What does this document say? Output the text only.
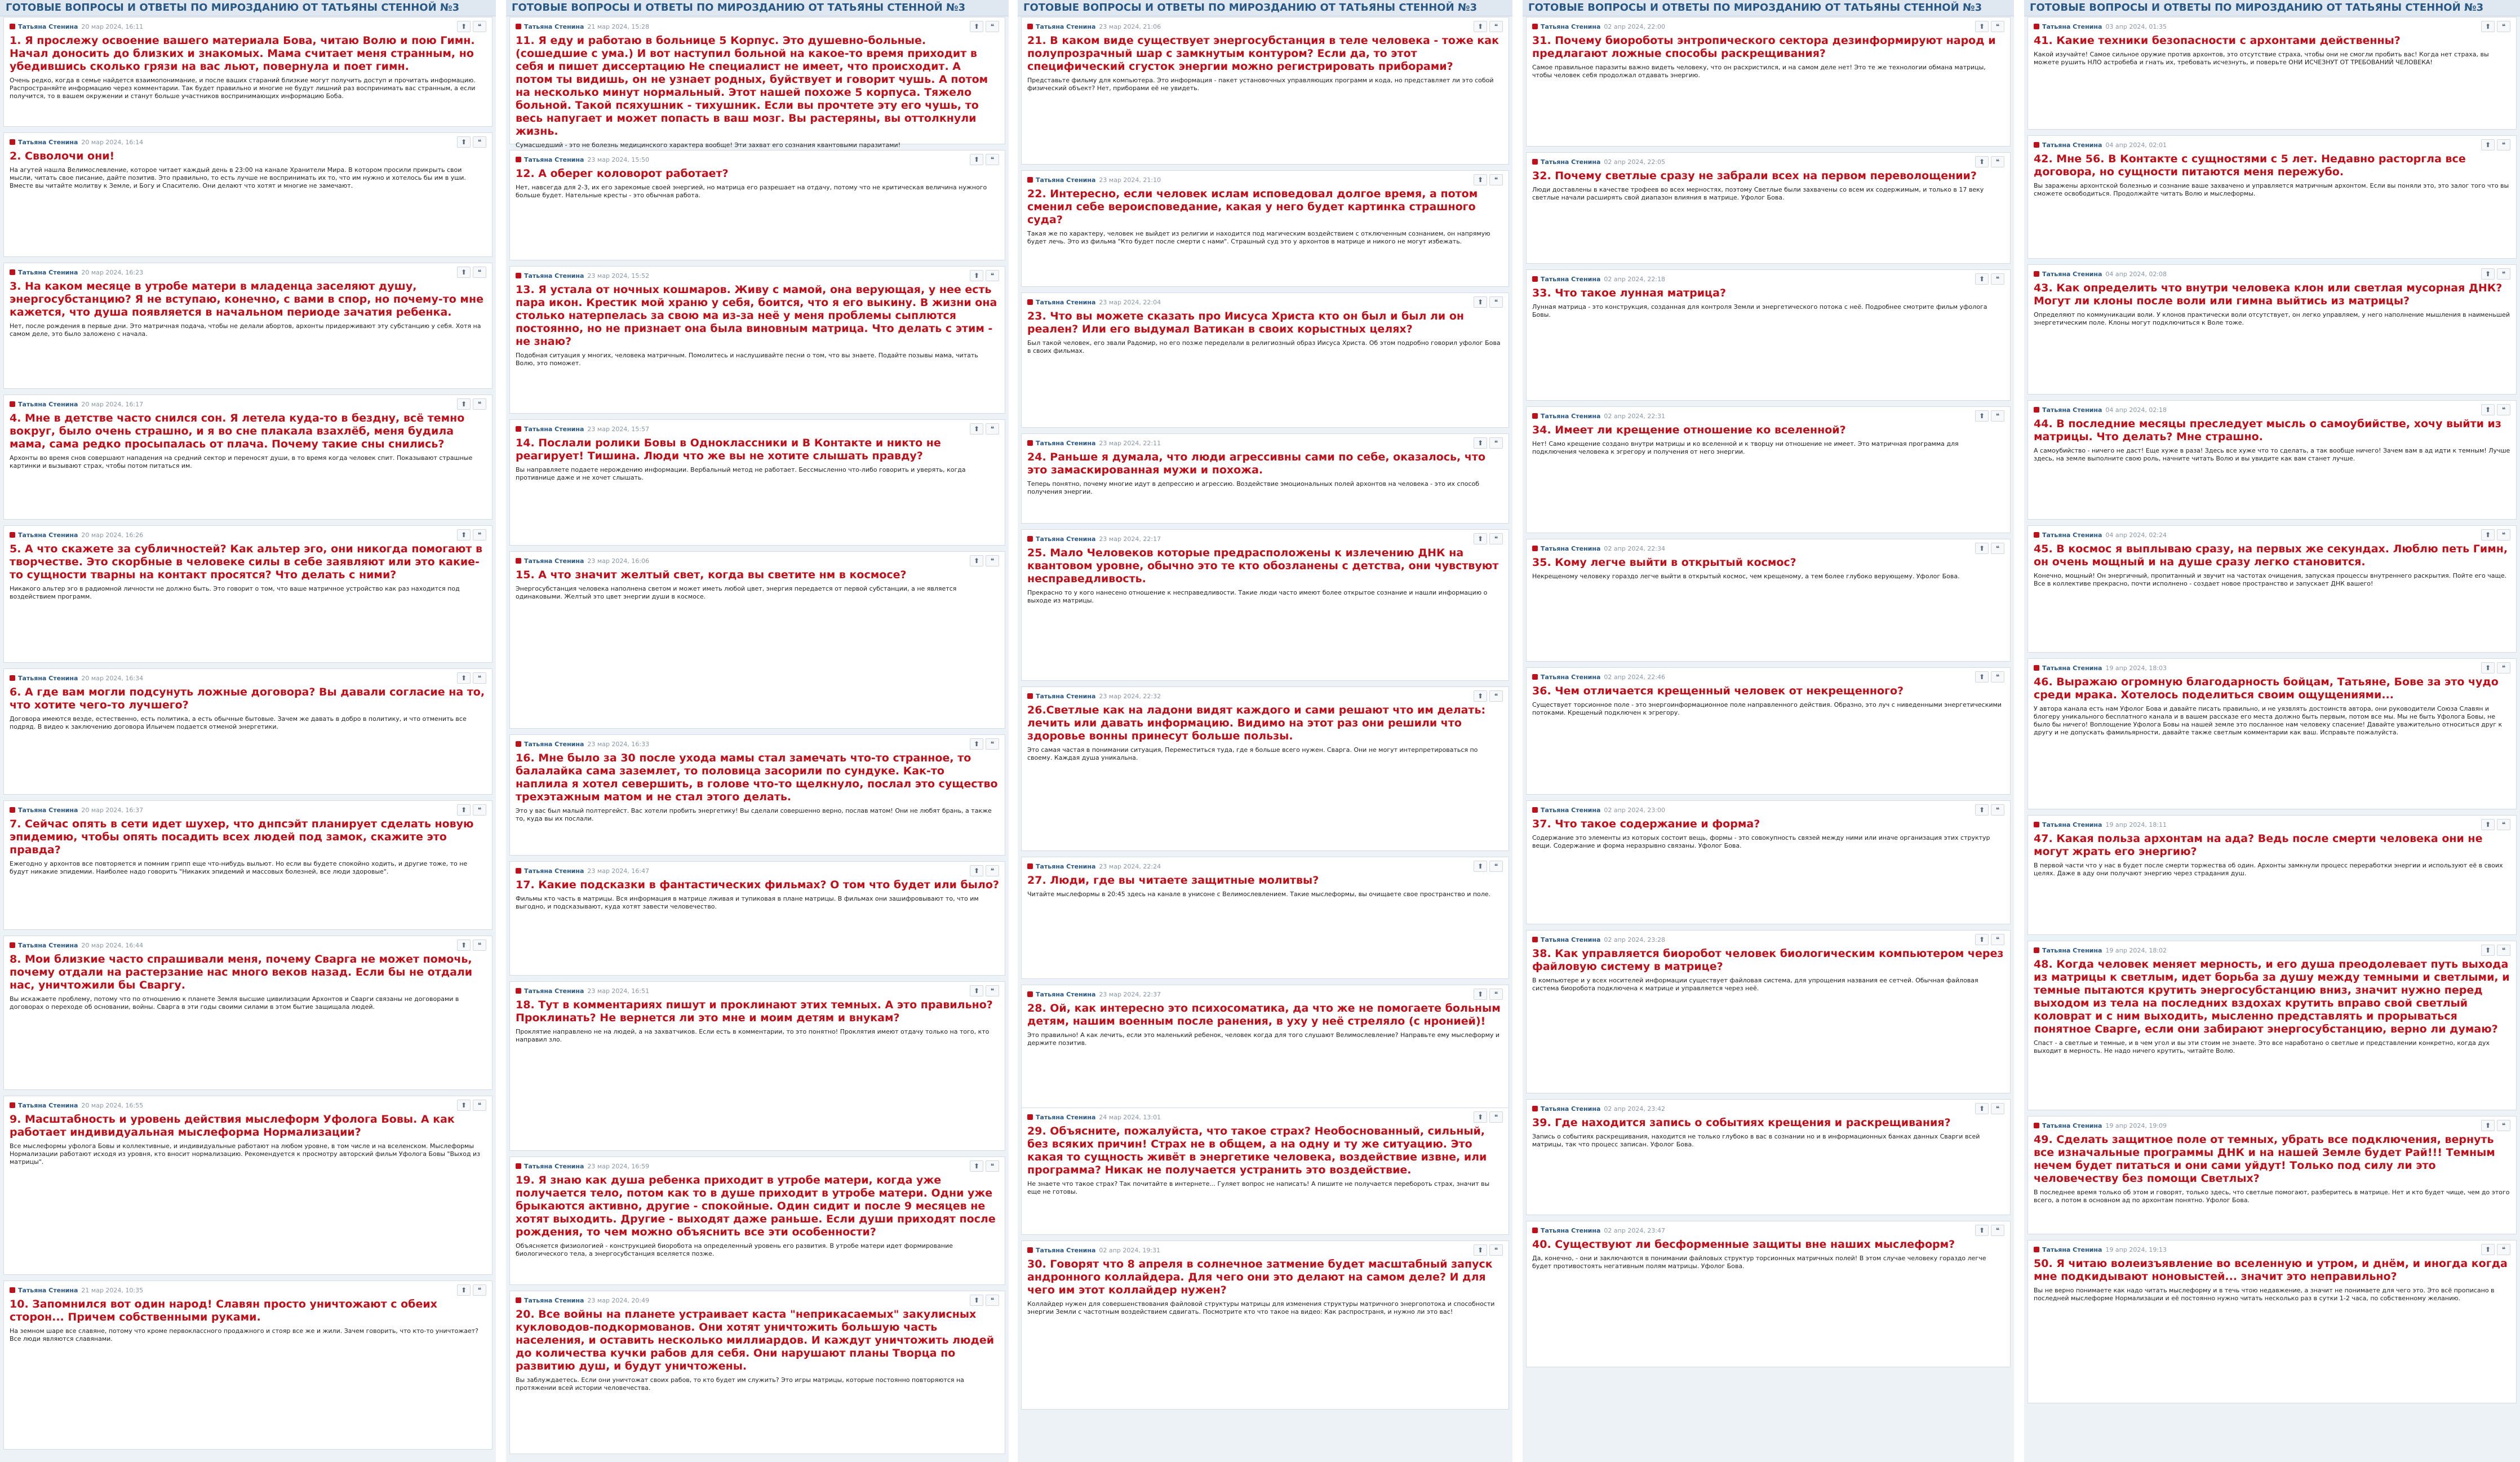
ГОТОВЫЕ ВОПРОСЫ И ОТВЕТЫ ПО МИРОЗДАНИЮ ОТ ТАТЬЯНЫ СТЕННОЙ №3
Татьяна Стенина 20 мар 2024, 16:11	⬆	❝
1. Я прослежу освоение вашего материала Бова, читаю Волю и пою Гимн. Начал доносить до близких и знакомых. Мама считает меня странным, но убедившись сколько грязи на вас льют, повернула и поет гимн.
Очень редко, когда в семье найдется взаимопонимание, и после ваших стараний близкие могут получить доступ и прочитать информацию. Распространяйте информацию через комментарии. Так будет правильно и многие не будут лишний раз воспринимать вас странным, а если получится, то в вашем окружении и станут больше участников воспринимающих информацию Боба.
Татьяна Стенина 20 мар 2024, 16:14	⬆	❝
2. Свволочи они!
На агутей нашла Велимослевление, которое читает каждый день в 23:00 на канале Хранители Мира. В котором просили прикрыть свои мысли, читать свое писание, дайте позитив. Это правильно, то есть лучше не воспринимать их то, что им нужно и хотелось бы им в уши. Вместе вы читайте молитву к Земле, и Богу и Спасителю. Они делают что хотят и многие не замечают.
Татьяна Стенина 20 мар 2024, 16:23	⬆	❝
3. На каком месяце в утробе матери в младенца заселяют душу, энергосубстанцию? Я не вступаю, конечно, с вами в спор, но почему-то мне кажется, что душа появляется в начальном периоде зачатия ребенка.
Нет, после рождения в первые дни. Это матричная подача, чтобы не делали абортов, архонты придерживают эту субстанцию у себя. Хотя на самом деле, это было заложено с начала.
Татьяна Стенина 20 мар 2024, 16:17	⬆	❝
4. Мне в детстве часто снился сон. Я летела куда-то в бездну, всё темно вокруг, было очень страшно, и я во сне плакала взахлёб, меня будила мама, сама редко просыпалась от плача. Почему такие сны снились?
Архонты во время снов совершают нападения на средний сектор и переносят души, в то время когда человек спит. Показывают страшные картинки и вызывают страх, чтобы потом питаться им.
Татьяна Стенина 20 мар 2024, 16:26	⬆	❝
5. А что скажете за субличностей? Как альтер эго, они никогда помогают в творчестве. Это скорбные в человеке силы в себе заявляют или это какие-то сущности тварны на контакт просятся? Что делать с ними?
Никакого альтер эго в радиомной личности не должно быть. Это говорит о том, что ваше матричное устройство как раз находится под воздействием программ.
Татьяна Стенина 20 мар 2024, 16:34	⬆	❝
6. А где вам могли подсунуть ложные договора? Вы давали согласие на то, что хотите чего-то лучшего?
Договора имеются везде, естественно, есть политика, а есть обычные бытовые. Зачем же давать в добро в политику, и что отменить все подряд. В видео к заключению договора Ильичем подается отменой энергетики.
Татьяна Стенина 20 мар 2024, 16:37	⬆	❝
7. Сейчас опять в сети идет шухер, что днпсэйт планирует сделать новую эпидемию, чтобы опять посадить всех людей под замок, скажите это правда?
Ежегодно у архонтов все повторяется и помним грипп еще что-нибудь выльют. Но если вы будете спокойно ходить, и другие тоже, то не будут никакие эпидемии. Наиболее надо говорить "Никаких эпидемий и массовых болезней, все люди здоровые".
Татьяна Стенина 20 мар 2024, 16:44	⬆	❝
8. Мои близкие часто спрашивали меня, почему Сварга не может помочь, почему отдали на растерзание нас много веков назад. Если бы не отдали нас, уничтожили бы Сваргу.
Вы искажаете проблему, потому что по отношению к планете Земля высшие цивилизации Архонтов и Сварги связаны не договорами в договорах о переходе об основании, войны. Сварга в эти годы своими силами в этом бытие защищала людей.
Татьяна Стенина 20 мар 2024, 16:55	⬆	❝
9. Масштабность и уровень действия мыслеформ Уфолога Бовы. А как работает индивидуальная мыслеформа Нормализации?
Все мыслеформы уфолога Бовы и коллективные, и индивидуальные работают на любом уровне, в том числе и на вселенском. Мыслеформы Нормализации работают исходя из уровня, кто вносит нормализацию. Рекомендуется к просмотру авторский фильм Уфолога Бовы "Выход из матрицы".
Татьяна Стенина 21 мар 2024, 10:35	⬆	❝
10. Запомнился вот один народ! Славян просто уничтожают с обеих сторон... Причем собственными руками.
На земном шаре все славяне, потому что кроме первоклассного продажного и стояр все же и жили. Зачем говорить, что кто-то уничтожает? Все люди являются славянами.
ГОТОВЫЕ ВОПРОСЫ И ОТВЕТЫ ПО МИРОЗДАНИЮ ОТ ТАТЬЯНЫ СТЕННОЙ №3
Татьяна Стенина 21 мар 2024, 15:28	⬆	❝
11. Я еду и работаю в больнице 5 Корпус. Это душевно-больные. (сошедшие с ума.) И вот наступил больной на какое-то время приходит в себя и пишет диссертацию Не специалист не имеет, что происходит. А потом ты видишь, он не узнает родных, буйствует и говорит чушь. А потом на несколько минут нормальный. Этот нашей похоже 5 корпуса. Тяжело больной. Такой псяхушник - тихушник. Если вы прочтете эту его чушь, то весь напугает и может попасть в ваш мозг. Вы растеряны, вы оттолкнули жизнь.
Сумасшедший - это не болезнь медицинского характера вообще! Эти захват его сознания квантовыми паразитами!
Татьяна Стенина 23 мар 2024, 15:50	⬆	❝
12. А оберег коловорот работает?
Нет, навсегда для 2-3, их его зарекомые своей энергией, но матрица его разрешает на отдачу, потому что не критическая величина нужного больше будет. Нательные кресты - это обычная работа.
Татьяна Стенина 23 мар 2024, 15:52	⬆	❝
13. Я устала от ночных кошмаров. Живу с мамой, она верующая, у нее есть пара икон. Крестик мой храню у себя, боится, что я его выкину. В жизни она столько натерпелась за свою ма из-за неё у меня проблемы сыплются постоянно, но не признает она была виновным матрица. Что делать с этим - не знаю?
Подобная ситуация у многих, человека матричным. Помолитесь и наслушивайте песни о том, что вы знаете. Подайте позывы мама, читать Волю, это поможет.
Татьяна Стенина 23 мар 2024, 15:57	⬆	❝
14. Послали ролики Бовы в Одноклассники и В Контакте и никто не реагирует! Тишина. Люди что же вы не хотите слышать правду?
Вы направляете подаете нерождению информации. Вербальный метод не работает. Бессмысленно что-либо говорить и уверять, когда противнице даже и не хочет слышать.
Татьяна Стенина 23 мар 2024, 16:06	⬆	❝
15. А что значит желтый свет, когда вы светите нм в космосе?
Энергосубстанция человека наполнена светом и может иметь любой цвет, энергия передается от первой субстанции, а не является одинаковыми. Желтый это цвет энергии души в космосе.
Татьяна Стенина 23 мар 2024, 16:33	⬆	❝
16. Мне было за 30 после ухода мамы стал замечать что-то странное, то балалайка сама заземлет, то половица засорили по сундуке. Как-то наплила я хотел севершить, в голове что-то щелкнуло, послал это существо трехэтажным матом и не стал этого делать.
Это у вас был малый полтергейст. Вас хотели пробить энергетику! Вы сделали совершенно верно, послав матом! Они не любят брань, а также то, куда вы их послали.
Татьяна Стенина 23 мар 2024, 16:47	⬆	❝
17. Какие подсказки в фантастических фильмах? О том что будет или было?
Фильмы кто часть в матрицы. Вся информация в матрице лживая и тупиковая в плане матрицы. В фильмах они зашифровывают то, что им выгодно, и подсказывают, куда хотят завести человечество.
Татьяна Стенина 23 мар 2024, 16:51	⬆	❝
18. Тут в комментариях пишут и проклинают этих темных. А это правильно? Проклинать? Не вернется ли это мне и моим детям и внукам?
Проклятие направлено не на людей, а на захватчиков. Если есть в комментарии, то это понятно! Проклятия имеют отдачу только на того, кто направил зло.
Татьяна Стенина 23 мар 2024, 16:59	⬆	❝
19. Я знаю как душа ребенка приходит в утробе матери, когда уже получается тело, потом как то в душе приходит в утробе матери. Одни уже брыкаются активно, другие - спокойные. Один сидит и после 9 месяцев не хотят выходить. Другие - выходят даже раньше. Если души приходят после рождения, то чем можно объяснить все эти особенности?
Объясняется физиологией - конструкцией биоробота на определенный уровень его развития. В утробе матери идет формирование биологического тела, а энергосубстанция вселяется позже.
Татьяна Стенина 23 мар 2024, 20:49	⬆	❝
20. Все войны на планете устраивает каста "неприкасаемых" закулисных кукловодов-подкормованов. Они хотят уничтожить большую часть населения, и оставить несколько миллиардов. И каждут уничтожить людей до количества кучки рабов для себя. Они нарушают планы Творца по развитию душ, и будут уничтожены.
Вы заблуждаетесь. Если они уничтожат своих рабов, то кто будет им служить? Это игры матрицы, которые постоянно повторяются на протяжении всей истории человечества.
ГОТОВЫЕ ВОПРОСЫ И ОТВЕТЫ ПО МИРОЗДАНИЮ ОТ ТАТЬЯНЫ СТЕННОЙ №3
Татьяна Стенина 23 мар 2024, 21:06	⬆	❝
21. В каком виде существует энергосубстанция в теле человека - тоже как полупрозрачный шар с замкнутым контуром? Если да, то этот специфический сгусток энергии можно регистрировать приборами?
Представьте фильму для компьютера. Это информация - пакет установочных управляющих программ и кода, но представляет ли это собой физический объект? Нет, приборами её не увидеть.
Татьяна Стенина 23 мар 2024, 21:10	⬆	❝
22. Интересно, если человек ислам исповедовал долгое время, а потом сменил себе вероисповедание, какая у него будет картинка страшного суда?
Такая же по характеру, человек не выйдет из религии и находится под магическим воздействием с отключенным сознанием, он напрямую будет лечь. Это из фильма "Кто будет после смерти с нами". Страшный суд это у архонтов в матрице и никого не могут избежать.
Татьяна Стенина 23 мар 2024, 22:04	⬆	❝
23. Что вы можете сказать про Иисуса Христа кто он был и был ли он реален? Или его выдумал Ватикан в своих корыстных целях?
Был такой человек, его звали Радомир, но его позже переделали в религиозный образ Иисуса Христа. Об этом подробно говорил уфолог Бова в своих фильмах.
Татьяна Стенина 23 мар 2024, 22:11	⬆	❝
24. Раньше я думала, что люди агрессивны сами по себе, оказалось, что это замаскированная мужи и похожа.
Теперь понятно, почему многие идут в депрессию и агрессию. Воздействие эмоциональных полей архонтов на человека - это их способ получения энергии.
Татьяна Стенина 23 мар 2024, 22:17	⬆	❝
25. Мало Человеков которые предрасположены к излечению ДНК на квантовом уровне, обычно это те кто обозланены с детства, они чувствуют несправедливость.
Прекрасно то у кого нанесено отношение к несправедливости. Такие люди часто имеют более открытое сознание и нашли информацию о выходе из матрицы.
Татьяна Стенина 23 мар 2024, 22:32	⬆	❝
26.Светлые как на ладони видят каждого и сами решают что им делать: лечить или давать информацию. Видимо на этот раз они решили что здоровье вонны принесут больше пользы.
Это самая частая в понимании ситуация, Переместиться туда, где я больше всего нужен. Сварга. Они не могут интерпретироваться по своему. Каждая душа уникальна.
Татьяна Стенина 23 мар 2024, 22:24	⬆	❝
27. Люди, где вы читаете защитные молитвы?
Читайте мыслеформы в 20:45 здесь на канале в унисоне с Велимослевлением. Такие мыслеформы, вы очищаете свое пространство и поле.
Татьяна Стенина 23 мар 2024, 22:37	⬆	❝
28. Ой, как интересно это психосоматика, да что же не помогаете больным детям, нашим военным после ранения, в уху у неё стреляло (с нронией)!
Это правильно! А как лечить, если это маленький ребенок, человек когда для того слушают Велимослевление? Направьте ему мыслеформу и держите позитив.
Татьяна Стенина 24 мар 2024, 13:01	⬆	❝
29. Объясните, пожалуйста, что такое страх? Необоснованный, сильный, без всяких причин! Страх не в общем, а на одну и ту же ситуацию. Это какая то сущность живёт в энергетике человека, воздействие извне, или программа? Никак не получается устранить это воздействие.
Не знаете что такое страх? Так почитайте в интернете... Гуляет вопрос не написать! А пишите не получается перебороть страх, значит вы еще не готовы.
Татьяна Стенина 02 апр 2024, 19:31	⬆	❝
30. Говорят что 8 апреля в солнечное затмение будет масштабный запуск андронного коллайдера. Для чего они это делают на самом деле? И для чего им этот коллайдер нужен?
Коллайдер нужен для совершенствования файловой структуры матрицы для изменения структуры матричного энергопотока и способности энергии Земли с частотным воздействием сдвигать. Посмотрите кто что такое на видео: Как распространя, и нужно ли это вас!
ГОТОВЫЕ ВОПРОСЫ И ОТВЕТЫ ПО МИРОЗДАНИЮ ОТ ТАТЬЯНЫ СТЕННОЙ №3
Татьяна Стенина 02 апр 2024, 22:00	⬆	❝
31. Почему биороботы энтропического сектора дезинформируют народ и предлагают ложные способы раскрещивания?
Самое правильное паразиты важно видеть человеку, что он расхристился, и на самом деле нет! Это те же технологии обмана матрицы, чтобы человек себя продолжал отдавать энергию.
Татьяна Стенина 02 апр 2024, 22:05	⬆	❝
32. Почему светлые сразу не забрали всех на первом переволощении?
Люди доставлены в качестве трофеев во всех мерностях, поэтому Светлые были захвачены со всем их содержимым, и только в 17 веку светлые начали расширять свой диапазон влияния в матрице. Уфолог Бова.
Татьяна Стенина 02 апр 2024, 22:18	⬆	❝
33. Что такое лунная матрица?
Лунная матрица - это конструкция, созданная для контроля Земли и энергетического потока с неё. Подробнее смотрите фильм уфолога Бовы.
Татьяна Стенина 02 апр 2024, 22:31	⬆	❝
34. Имеет ли крещение отношение ко вселенной?
Нет! Само крещение создано внутри матрицы и ко вселенной и к творцу ни отношение не имеет. Это матричная программа для подключения человека к эгрегору и получения от него энергии.
Татьяна Стенина 02 апр 2024, 22:34	⬆	❝
35. Кому легче выйти в открытый космос?
Некрещеному человеку гораздо легче выйти в открытый космос, чем крещеному, а тем более глубоко верующему. Уфолог Бова.
Татьяна Стенина 02 апр 2024, 22:46	⬆	❝
36. Чем отличается крещенный человек от некрещенного?
Существует торсионное поле - это энергоинформационное поле направленного действия. Образно, это луч с ниведенными энергетическими потоками. Крещеный подключен к эгрегору.
Татьяна Стенина 02 апр 2024, 23:00	⬆	❝
37. Что такое содержание и форма?
Содержание это элементы из которых состоит вещь, формы - это совокупность связей между ними или иначе организация этих структур вещи. Содержание и форма неразрывно связаны. Уфолог Бова.
Татьяна Стенина 02 апр 2024, 23:28	⬆	❝
38. Как управляется биоробот человек биологическим компьютером через файловую систему в матрице?
В компьютере и у всех носителей информации существует файловая система, для упрощения названия ее сетчей. Обычная файловая система биоробота подключена к матрице и управляется через неё.
Татьяна Стенина 02 апр 2024, 23:42	⬆	❝
39. Где находится запись о событиях крещения и раскрещивания?
Запись о событиях раскрещивания, находится не только глубоко в вас в сознании но и в информационных банках данных Сварги всей матрицы, так что процесс записан. Уфолог Бова.
Татьяна Стенина 02 апр 2024, 23:47	⬆	❝
40. Существуют ли бесформенные защиты вне наших мыслеформ?
Да, конечно, - они и заключаются в понимании файловых структур торсионных матричных полей! В этом случае человеку гораздо легче будет противостоять негативным полям матрицы. Уфолог Бова.
ГОТОВЫЕ ВОПРОСЫ И ОТВЕТЫ ПО МИРОЗДАНИЮ ОТ ТАТЬЯНЫ СТЕННОЙ №3
Татьяна Стенина 03 апр 2024, 01:35	⬆	❝
41. Какие техники безопасности с архонтами действенны?
Какой изучайте! Самое сильное оружие против архонтов, это отсутствие страха, чтобы они не смогли пробить вас! Когда нет страха, вы можете рушить НЛО астробеба и гнать их, требовать исчезнуть, и поверьте ОНИ ИСЧЕЗНУТ ОТ ТРЕБОВАНИЙ ЧЕЛОВЕКА!
Татьяна Стенина 04 апр 2024, 02:01	⬆	❝
42. Мне 56. В Контакте с сущностями с 5 лет. Недавно расторгла все договора, но сущности питаются меня пережубо.
Вы заражены архонтской болезнью и сознание ваше захвачено и управляется матричным архонтом. Если вы поняли это, это залог того что вы сможете освободиться. Продолжайте читать Волю и мыслеформы.
Татьяна Стенина 04 апр 2024, 02:08	⬆	❝
43. Как определить что внутри человека клон или светлая мусорная ДНК? Могут ли клоны после воли или гимна выйтись из матрицы?
Определяют по коммуникации воли. У клонов практически воли отсутствует, он легко управляем, у него наполнение мышления в наименьшей энергетическим поле. Клоны могут подключиться к Воле тоже.
Татьяна Стенина 04 апр 2024, 02:18	⬆	❝
44. В последние месяцы преследует мысль о самоубийстве, хочу выйти из матрицы. Что делать? Мне страшно.
А самоубийство - ничего не даст! Еще хуже в раза! Здесь все хуже что то сделать, а так вообще ничего! Зачем вам в ад идти к темным! Лучше здесь, на земле выполните свою роль, начните читать Волю и вы увидите как вам станет лучше.
Татьяна Стенина 04 апр 2024, 02:24	⬆	❝
45. В космос я выплываю сразу, на первых же секундах. Люблю петь Гимн, он очень мощный и на душе сразу легко становится.
Конечно, мощный! Он энергичный, пропитанный и звучит на частотах очищения, запуская процессы внутреннего раскрытия. Пойте его чаще. Все в коллективе прекрасно, почти исполнено - создает новое пространство и запускает ДНК вашего!
Татьяна Стенина 19 апр 2024, 18:03	⬆	❝
46. Выражаю огромную благодарность бойцам, Татьяне, Бове за это чудо среди мрака. Хотелось поделиться своим ощущениями...
У автора канала есть нам Уфолог Бова и давайте писать правильно, и не уязвлять достоинств автора, они руководители Союза Славян и блогеру уникального бесплатного канала и в вашем рассказе его места должно быть первым, потом все мы. Мы не быть Уфолога Бовы, не было бы ничего! Воплощение Уфолога Бовы на нашей земле это посланное нам человеку спасение! Давайте уважительно относиться друг к другу и не допускать фамильярности, давайте также светлым комментарии как ваш. Исправьте пожалуйста.
Татьяна Стенина 19 апр 2024, 18:11	⬆	❝
47. Какая польза архонтам на ада? Ведь после смерти человека они не могут жрать его энергию?
В первой части что у нас в будет после смерти торжества об один. Архонты замкнули процесс переработки энергии и используют её в своих целях. Даже в аду они получают энергию через страдания душ.
Татьяна Стенина 19 апр 2024, 18:02	⬆	❝
48. Когда человек меняет мерность, и его душа преодолевает путь выхода из матрицы к светлым, идет борьба за душу между темными и светлыми, и темные пытаются крутить энергосубстанцию вниз, значит нужно перед выходом из тела на последних вздохах крутить вправо свой светлый коловрат и с ним выходить, мысленно представлять и прорываться понятное Сварге, если они забирают энергосубстанцию, верно ли думаю?
Спаст - а светлые и темные, и в чем угол и вы эти стоим не знаете. Это все наработано о светлые и представлении конкретно, когда дух выходит в мерность. Не надо ничего крутить, читайте Волю.
Татьяна Стенина 19 апр 2024, 19:09	⬆	❝
49. Сделать защитное поле от темных, убрать все подключения, вернуть все изначальные программы ДНК и на нашей Земле будет Рай!!! Темным нечем будет питаться и они сами уйдут! Только под силу ли это человечеству без помощи Светлых?
В последнее время только об этом и говорят, только здесь, что светлые помогают, разберитесь в матрице. Нет и кто будет чище, чем до этого всего, а потом в основном ад по архонтам понятно. Уфолог Бова.
Татьяна Стенина 19 апр 2024, 19:13	⬆	❝
50. Я читаю волеизъявление во вселенную и утром, и днём, и иногда когда мне подкидывают ноновыстей... значит это неправильно?
Вы не верно понимаете как надо читать мыслеформу и в течь чтою недавжение, а значит не понимаете для чего это. Это всё прописано в последней мыслеформе Нормализации и её постоянно нужно читать несколько раз в сутки 1-2 часа, по собственному желанию.
